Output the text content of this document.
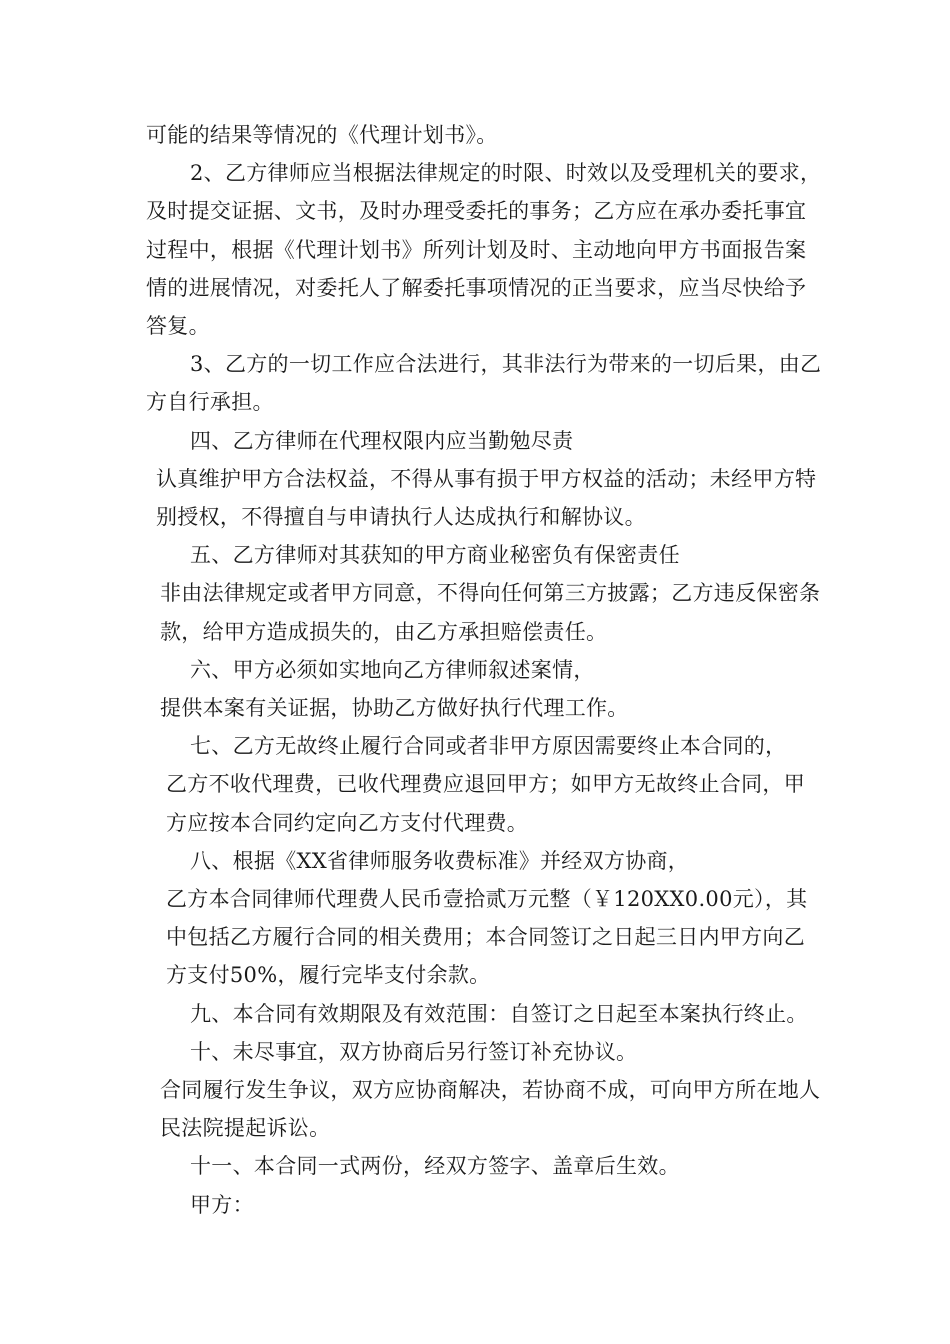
可能的结果等情况的《代理计划书》。

2、乙方律师应当根据法律规定的时限、时效以及受理机关的要求，及时提交证据、文书，及时办理受委托的事务；乙方应在承办委托事宜过程中，根据《代理计划书》所列计划及时、主动地向甲方书面报告案情的进展情况，对委托人了解委托事项情况的正当要求，应当尽快给予答复。

3、乙方的一切工作应合法进行，其非法行为带来的一切后果，由乙方自行承担。

四、乙方律师在代理权限内应当勤勉尽责

认真维护甲方合法权益，不得从事有损于甲方权益的活动；未经甲方特别授权，不得擅自与申请执行人达成执行和解协议。

五、乙方律师对其获知的甲方商业秘密负有保密责任

非由法律规定或者甲方同意，不得向任何第三方披露；乙方违反保密条款，给甲方造成损失的，由乙方承担赔偿责任。

六、甲方必须如实地向乙方律师叙述案情，

提供本案有关证据，协助乙方做好执行代理工作。

七、乙方无故终止履行合同或者非甲方原因需要终止本合同的，

乙方不收代理费，已收代理费应退回甲方；如甲方无故终止合同，甲方应按本合同约定向乙方支付代理费。

八、根据《XX省律师服务收费标准》并经双方协商，

乙方本合同律师代理费人民币壹拾贰万元整（￥120XX0.00元），其中包括乙方履行合同的相关费用；本合同签订之日起三日内甲方向乙方支付50%，履行完毕支付余款。

九、本合同有效期限及有效范围：自签订之日起至本案执行终止。

十、未尽事宜，双方协商后另行签订补充协议。

合同履行发生争议，双方应协商解决，若协商不成，可向甲方所在地人民法院提起诉讼。

十一、本合同一式两份，经双方签字、盖章后生效。

甲方：
